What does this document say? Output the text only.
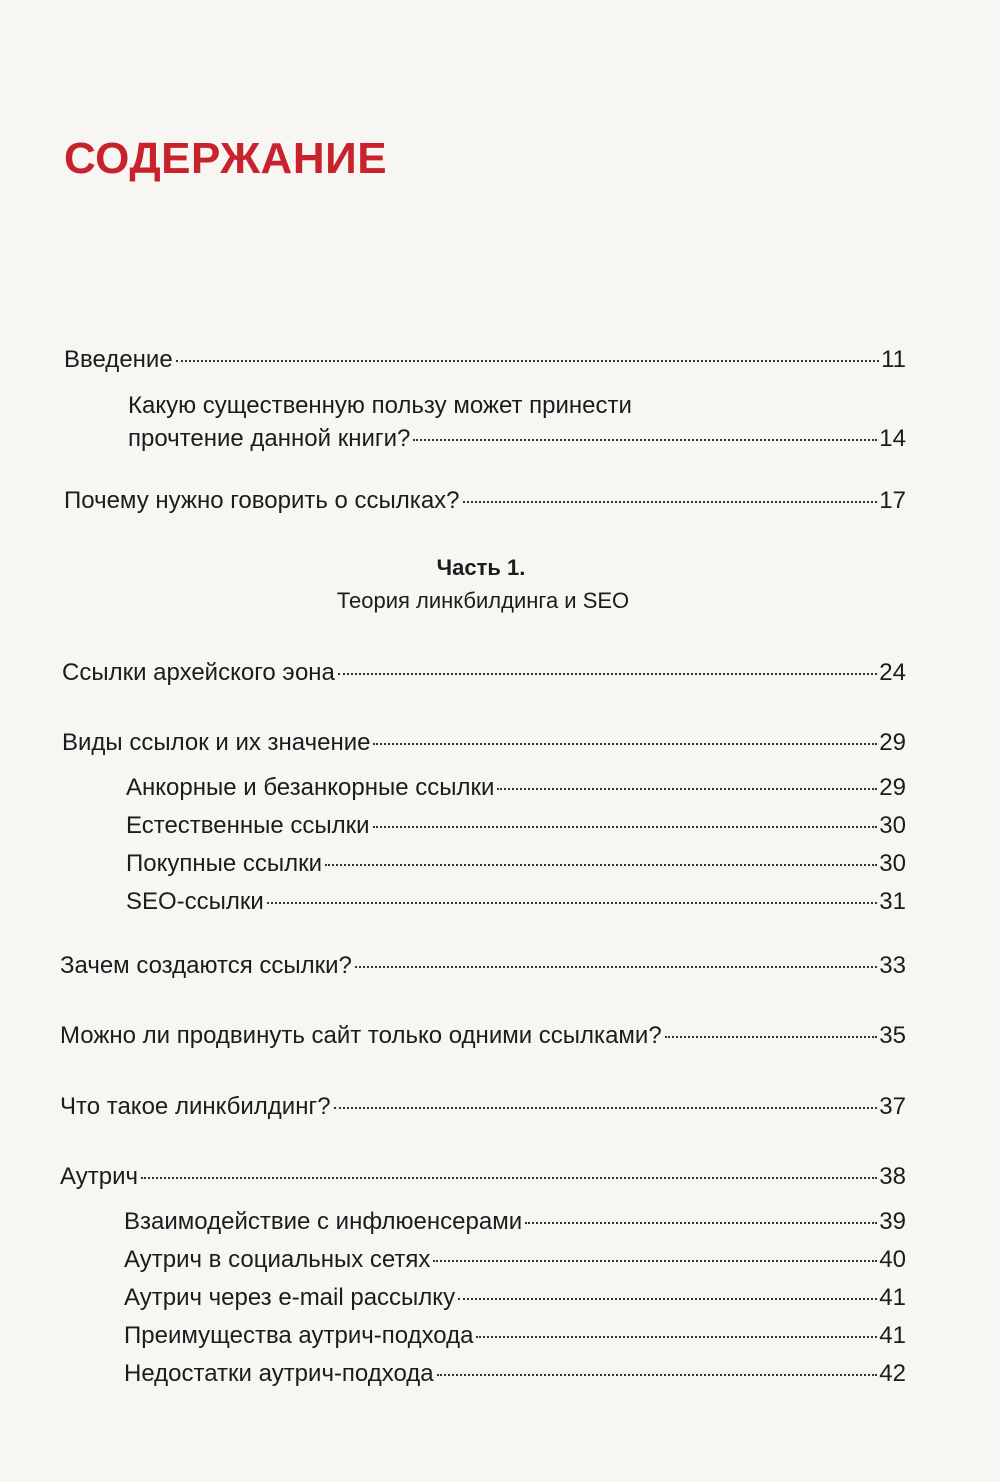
СОДЕРЖАНИЕ
Введение	11
Какую существенную пользу может принести
прочтение данной книги?	14
Почему нужно говорить о ссылках?	17
Часть 1.
Теория линкбилдинга и SEO
Ссылки архейского эона	24
Виды ссылок и их значение	29
Анкорные и безанкорные ссылки	29
Естественные ссылки	30
Покупные ссылки	30
SEO-ссылки	31
Зачем создаются ссылки?	33
Можно ли продвинуть сайт только одними ссылками?	35
Что такое линкбилдинг?	37
Аутрич	38
Взаимодействие с инфлюенсерами	39
Аутрич в социальных сетях	40
Аутрич через e-mail рассылку	41
Преимущества аутрич-подхода	41
Недостатки аутрич-подхода	42
